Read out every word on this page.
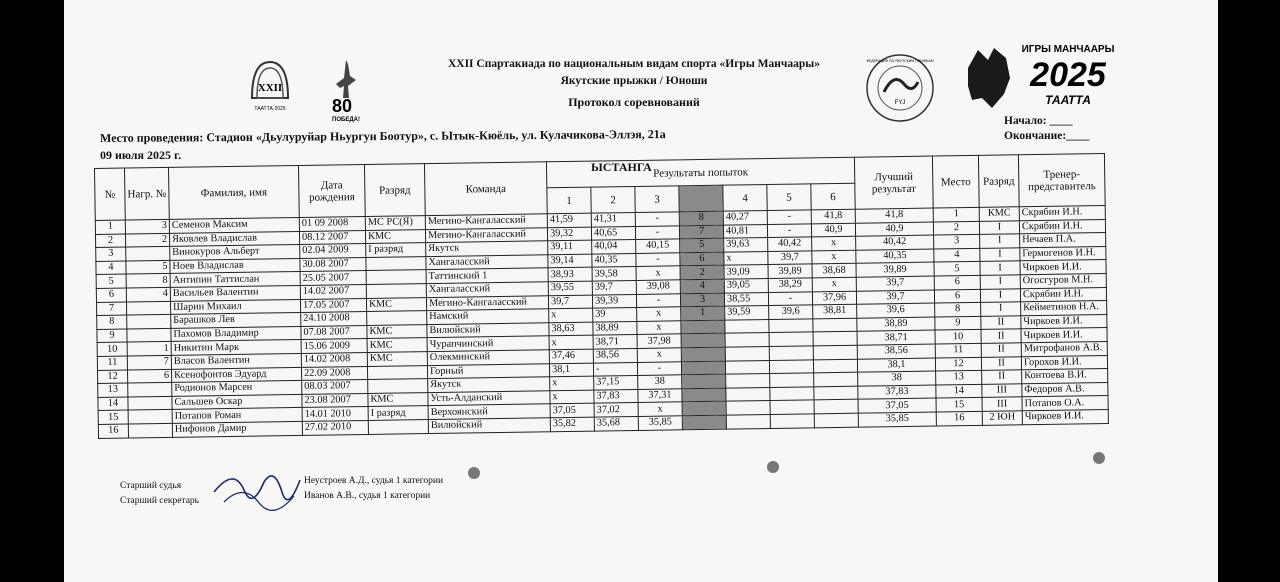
XXII
ТААТТА·2025	80
ПОБЕДА!
FYJ
ФЕДЕРАЦИЯ ПО ЯКУТСКИМ ПРЫЖКАМ
ИГРЫ МАНЧААРЫ
2025
ТААТТА
XXII Спартакиада по национальным видам спорта «Игры Манчаары»
Якутские прыжки / Юноши
Протокол соревнований
Место проведения: Стадион «Дьулуруйар Ньургун Боотур», с. Ытык-Кюёль, ул. Кулачикова-Эллэя, 21а
09 июля 2025 г.
Начало: ____
Окончание:____
ЫСТАНГА
№	Нагр. №	Фамилия, имя	Дата рождения	Разряд	Команда	Результаты попыток							Лучший результат	Место	Разряд	Тренер-представитель
						1	2	3		4	5	6				
1	3	Семенов Максим	01 09 2008	МС РС(Я)	Мегино-Кангаласский	41,59	41,31	-	8	40,27	-	41,8	41,8	1	КМС	Скрябин И.Н.
2	2	Яковлев Владислав	08.12 2007	КМС	Мегино-Кангаласский	39,32	40,65	-	7	40,81	-	40,9	40,9	2	I	Скрябин И.Н.
3		Винокуров Альберт	02.04 2009	I разряд	Якутск	39,11	40,04	40,15	5	39,63	40,42	x	40,42	3	I	Нечаев П.А.
4	5	Ноев Владислав	30.08 2007		Хангаласский	39,14	40,35	-	6	x	39,7	x	40,35	4	I	Гермогенов И.Н.
5	8	Антипин Таттислан	25.05 2007		Таттинский 1	38,93	39,58	x	2	39,09	39,89	38,68	39,89	5	I	Чиркоев И.И.
6	4	Васильев Валентин	14.02 2007		Хангаласский	39,55	39,7	39,08	4	39,05	38,29	x	39,7	6	I	Огосгуров М.Н.
7		Шарин Михаил	17.05 2007	КМС	Мегино-Кангаласский	39,7	39,39	-	3	38,55	-	37,96	39,7	6	I	Скрябин И.Н.
8		Барашков Лев	24.10 2008		Намский	x	39	x	1	39,59	39,6	38,81	39,6	8	I	Кейметинов Н.А.
9		Пахомов Владимир	07.08 2007	КМС	Вилюйский	38,63	38,89	x					38,89	9	II	Чиркоев И.И.
10	1	Никитин Марк	15.06 2009	КМС	Чурапчинский	x	38,71	37,98					38,71	10	II	Чиркоев И.И.
11	7	Власов Валентин	14.02 2008	КМС	Олекминский	37,46	38,56	x					38,56	11	II	Митрофанов А.В.
12	6	Ксенофонтов Эдуард	22.09 2008		Горный	38,1	-	-					38,1	12	II	Горохов И.И.
13		Родионов Марсен	08.03 2007		Якутск	x	37,15	38					38	13	II	Контоева В.И.
14		Сальшев Оскар	23.08 2007	КМС	Усть-Алданский	x	37,83	37,31					37,83	14	III	Федоров А.В.
15		Потапов Роман	14.01 2010	I разряд	Верхоянский	37,05	37,02	x					37,05	15	III	Потапов О.А.
16		Нифонов Дамир	27.02 2010		Вилюйский	35,82	35,68	35,85					35,85	16	2 ЮН	Чиркоев И.И.
Старший судья	Неустроев А.Д., судья 1 категории
Старший секретарь	Иванов А.В., судья 1 категории
